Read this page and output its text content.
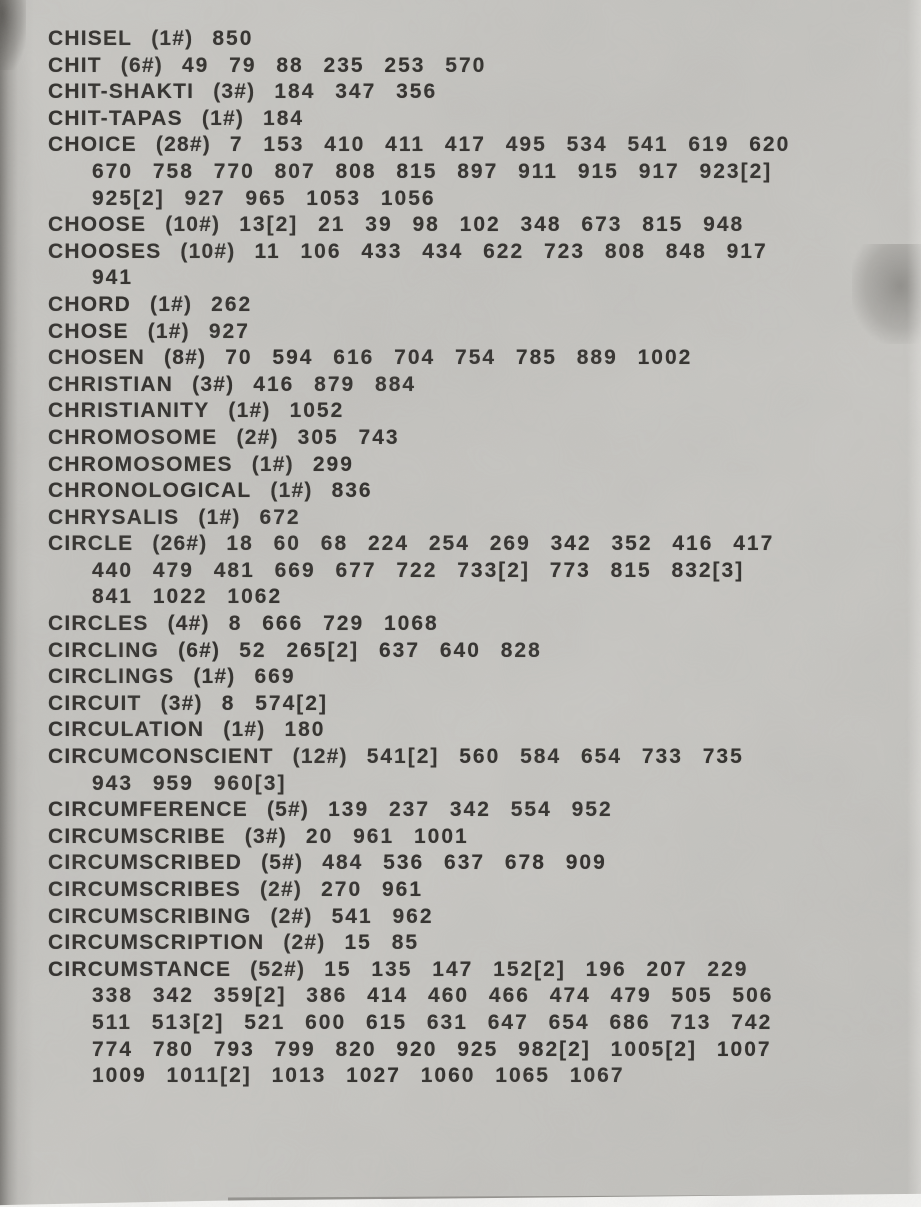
CHISEL (1#) 850
CHIT (6#) 49 79 88 235 253 570
CHIT-SHAKTI (3#) 184 347 356
CHIT-TAPAS (1#) 184
CHOICE (28#) 7 153 410 411 417 495 534 541 619 620
670 758 770 807 808 815 897 911 915 917 923[2]
925[2] 927 965 1053 1056
CHOOSE (10#) 13[2] 21 39 98 102 348 673 815 948
CHOOSES (10#) 11 106 433 434 622 723 808 848 917
941
CHORD (1#) 262
CHOSE (1#) 927
CHOSEN (8#) 70 594 616 704 754 785 889 1002
CHRISTIAN (3#) 416 879 884
CHRISTIANITY (1#) 1052
CHROMOSOME (2#) 305 743
CHROMOSOMES (1#) 299
CHRONOLOGICAL (1#) 836
CHRYSALIS (1#) 672
CIRCLE (26#) 18 60 68 224 254 269 342 352 416 417
440 479 481 669 677 722 733[2] 773 815 832[3]
841 1022 1062
CIRCLES (4#) 8 666 729 1068
CIRCLING (6#) 52 265[2] 637 640 828
CIRCLINGS (1#) 669
CIRCUIT (3#) 8 574[2]
CIRCULATION (1#) 180
CIRCUMCONSCIENT (12#) 541[2] 560 584 654 733 735
943 959 960[3]
CIRCUMFERENCE (5#) 139 237 342 554 952
CIRCUMSCRIBE (3#) 20 961 1001
CIRCUMSCRIBED (5#) 484 536 637 678 909
CIRCUMSCRIBES (2#) 270 961
CIRCUMSCRIBING (2#) 541 962
CIRCUMSCRIPTION (2#) 15 85
CIRCUMSTANCE (52#) 15 135 147 152[2] 196 207 229
338 342 359[2] 386 414 460 466 474 479 505 506
511 513[2] 521 600 615 631 647 654 686 713 742
774 780 793 799 820 920 925 982[2] 1005[2] 1007
1009 1011[2] 1013 1027 1060 1065 1067
